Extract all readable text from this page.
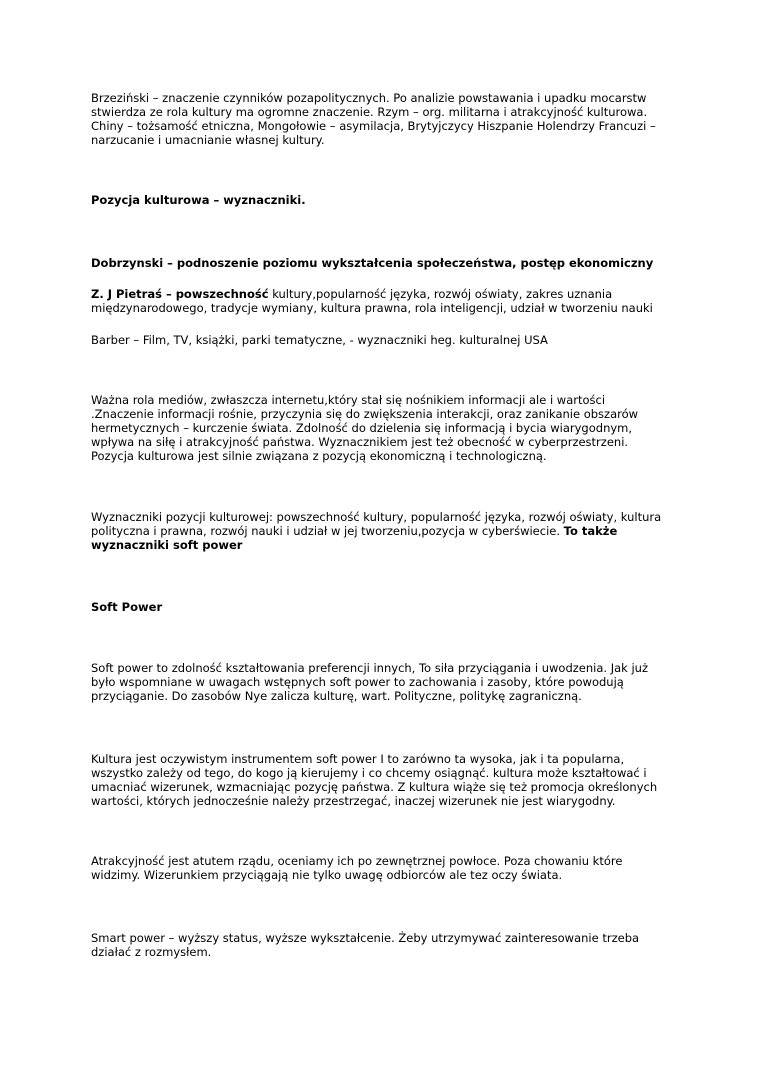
Brzeziński – znaczenie czynników pozapolitycznych. Po analizie powstawania i upadku mocarstw stwierdza ze rola kultury ma ogromne znaczenie. Rzym – org. militarna i atrakcyjność kulturowa. Chiny – tożsamość etniczna, Mongołowie – asymilacja, Brytyjczycy Hiszpanie Holendrzy Francuzi – narzucanie i umacnianie własnej kultury.

Pozycja kulturowa – wyznaczniki.

Dobrzynski – podnoszenie poziomu wykształcenia społeczeństwa, postęp ekonomiczny

Z. J Pietraś – powszechność kultury,popularność języka, rozwój oświaty, zakres uznania międzynarodowego, tradycje wymiany, kultura prawna, rola inteligencji, udział w tworzeniu nauki

Barber – Film, TV, książki, parki tematyczne, - wyznaczniki heg. kulturalnej USA

Ważna rola mediów, zwłaszcza internetu,który stał się nośnikiem informacji ale i wartości .Znaczenie informacji rośnie, przyczynia się do zwiększenia interakcji, oraz zanikanie obszarów hermetycznych – kurczenie świata. Zdolność do dzielenia się informacją i bycia wiarygodnym, wpływa na siłę i atrakcyjność państwa. Wyznacznikiem jest też obecność w cyberprzestrzeni. Pozycja kulturowa jest silnie związana z pozycją ekonomiczną i technologiczną.

Wyznaczniki pozycji kulturowej: powszechność kultury, popularność języka, rozwój oświaty, kultura polityczna i prawna, rozwój nauki i udział w jej tworzeniu,pozycja w cyberświecie. To także wyznaczniki soft power

Soft Power

Soft power to zdolność kształtowania preferencji innych, To siła przyciągania i uwodzenia. Jak już było wspomniane w uwagach wstępnych soft power to zachowania i zasoby, które powodują przyciąganie. Do zasobów Nye zalicza kulturę, wart. Polityczne, politykę zagraniczną.

Kultura jest oczywistym instrumentem soft power I to zarówno ta wysoka, jak i ta popularna, wszystko zależy od tego, do kogo ją kierujemy i co chcemy osiągnąć. kultura może kształtować i umacniać wizerunek, wzmacniając pozycję państwa. Z kultura wiąże się też promocja określonych wartości, których jednocześnie należy przestrzegać, inaczej wizerunek nie jest wiarygodny.

Atrakcyjność jest atutem rządu, oceniamy ich po zewnętrznej powłoce. Poza chowaniu które widzimy. Wizerunkiem przyciągają nie tylko uwagę odbiorców ale tez oczy świata.

Smart power – wyższy status, wyższe wykształcenie. Żeby utrzymywać zainteresowanie trzeba działać z rozmysłem.
